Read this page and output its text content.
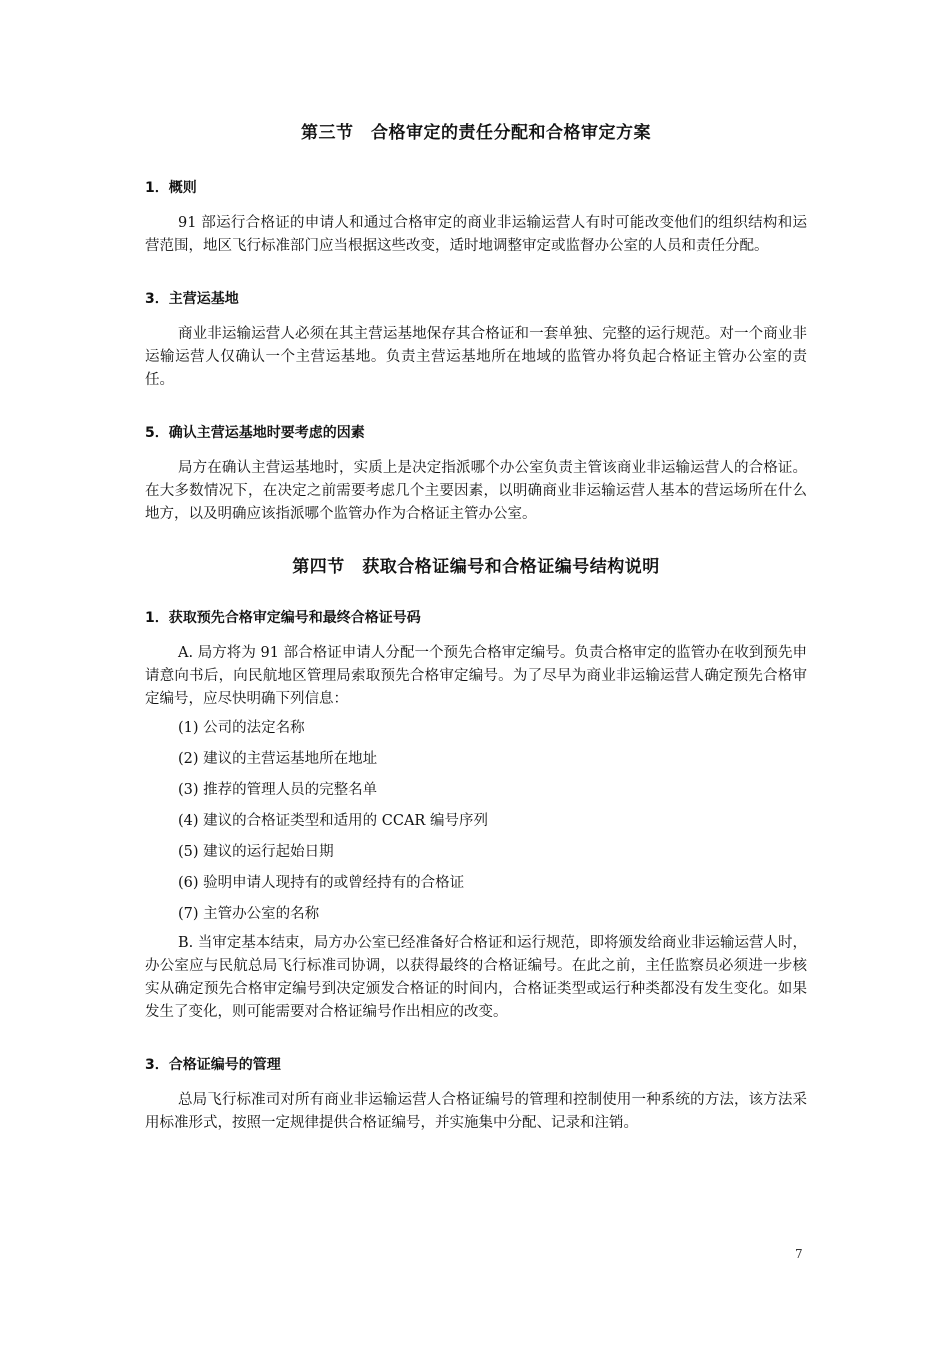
第三节　合格审定的责任分配和合格审定方案
1．概则

91 部运行合格证的申请人和通过合格审定的商业非运输运营人有时可能改变他们的组织结构和运营范围，地区飞行标准部门应当根据这些改变，适时地调整审定或监督办公室的人员和责任分配。

3．主营运基地

商业非运输运营人必须在其主营运基地保存其合格证和一套单独、完整的运行规范。对一个商业非运输运营人仅确认一个主营运基地。负责主营运基地所在地域的监管办将负起合格证主管办公室的责任。

5．确认主营运基地时要考虑的因素

局方在确认主营运基地时，实质上是决定指派哪个办公室负责主管该商业非运输运营人的合格证。在大多数情况下，在决定之前需要考虑几个主要因素，以明确商业非运输运营人基本的营运场所在什么地方，以及明确应该指派哪个监管办作为合格证主管办公室。

第四节　获取合格证编号和合格证编号结构说明
1．获取预先合格审定编号和最终合格证号码

A. 局方将为 91 部合格证申请人分配一个预先合格审定编号。负责合格审定的监管办在收到预先申请意向书后，向民航地区管理局索取预先合格审定编号。为了尽早为商业非运输运营人确定预先合格审定编号，应尽快明确下列信息：

(1) 公司的法定名称

(2) 建议的主营运基地所在地址

(3) 推荐的管理人员的完整名单

(4) 建议的合格证类型和适用的 CCAR 编号序列

(5) 建议的运行起始日期

(6) 验明申请人现持有的或曾经持有的合格证

(7) 主管办公室的名称

B. 当审定基本结束，局方办公室已经准备好合格证和运行规范，即将颁发给商业非运输运营人时，办公室应与民航总局飞行标准司协调，以获得最终的合格证编号。在此之前，主任监察员必须进一步核实从确定预先合格审定编号到决定颁发合格证的时间内，合格证类型或运行种类都没有发生变化。如果发生了变化，则可能需要对合格证编号作出相应的改变。

3．合格证编号的管理

总局飞行标准司对所有商业非运输运营人合格证编号的管理和控制使用一种系统的方法，该方法采用标准形式，按照一定规律提供合格证编号，并实施集中分配、记录和注销。

7
